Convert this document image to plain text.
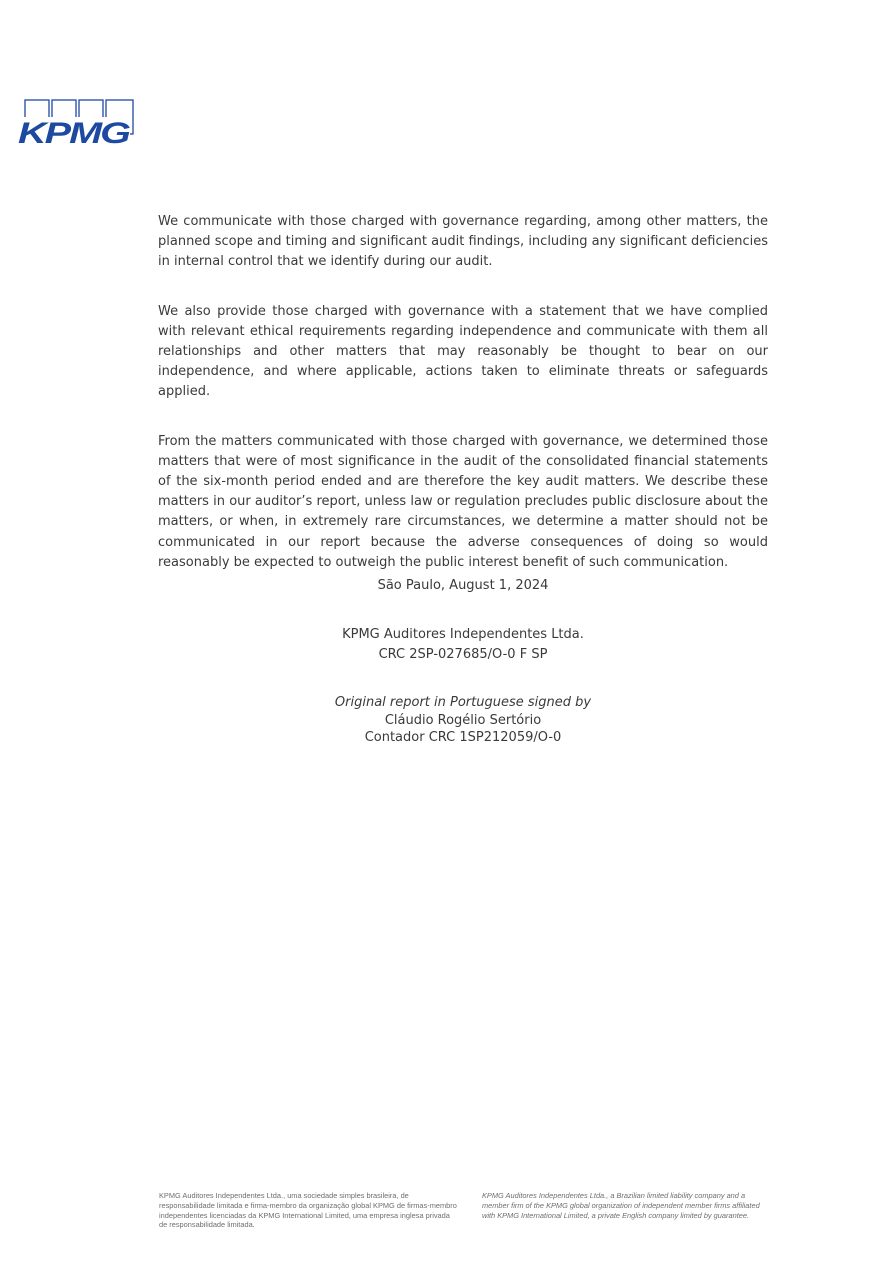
KPMG

We communicate with those charged with governance regarding, among other matters, the planned scope and timing and significant audit findings, including any significant deficiencies in internal control that we identify during our audit.

We also provide those charged with governance with a statement that we have complied with relevant ethical requirements regarding independence and communicate with them all relationships and other matters that may reasonably be thought to bear on our independence, and where applicable, actions taken to eliminate threats or safeguards applied.

From the matters communicated with those charged with governance, we determined those matters that were of most significance in the audit of the consolidated financial statements of the six-month period ended and are therefore the key audit matters. We describe these matters in our auditor’s report, unless law or regulation precludes public disclosure about the matters, or when, in extremely rare circumstances, we determine a matter should not be communicated in our report because the adverse consequences of doing so would reasonably be expected to outweigh the public interest benefit of such communication.

São Paulo, August 1, 2024
KPMG Auditores Independentes Ltda.
CRC 2SP-027685/O-0 F SP
Original report in Portuguese signed by
Cláudio Rogélio Sertório
Contador CRC 1SP212059/O-0
KPMG Auditores Independentes Ltda., uma sociedade simples brasileira, de responsabilidade limitada e firma-membro da organização global KPMG de firmas-membro independentes licenciadas da KPMG International Limited, uma empresa inglesa privada de responsabilidade limitada.
KPMG Auditores Independentes Ltda., a Brazilian limited liability company and a member firm of the KPMG global organization of independent member firms affiliated with KPMG International Limited, a private English company limited by guarantee.
